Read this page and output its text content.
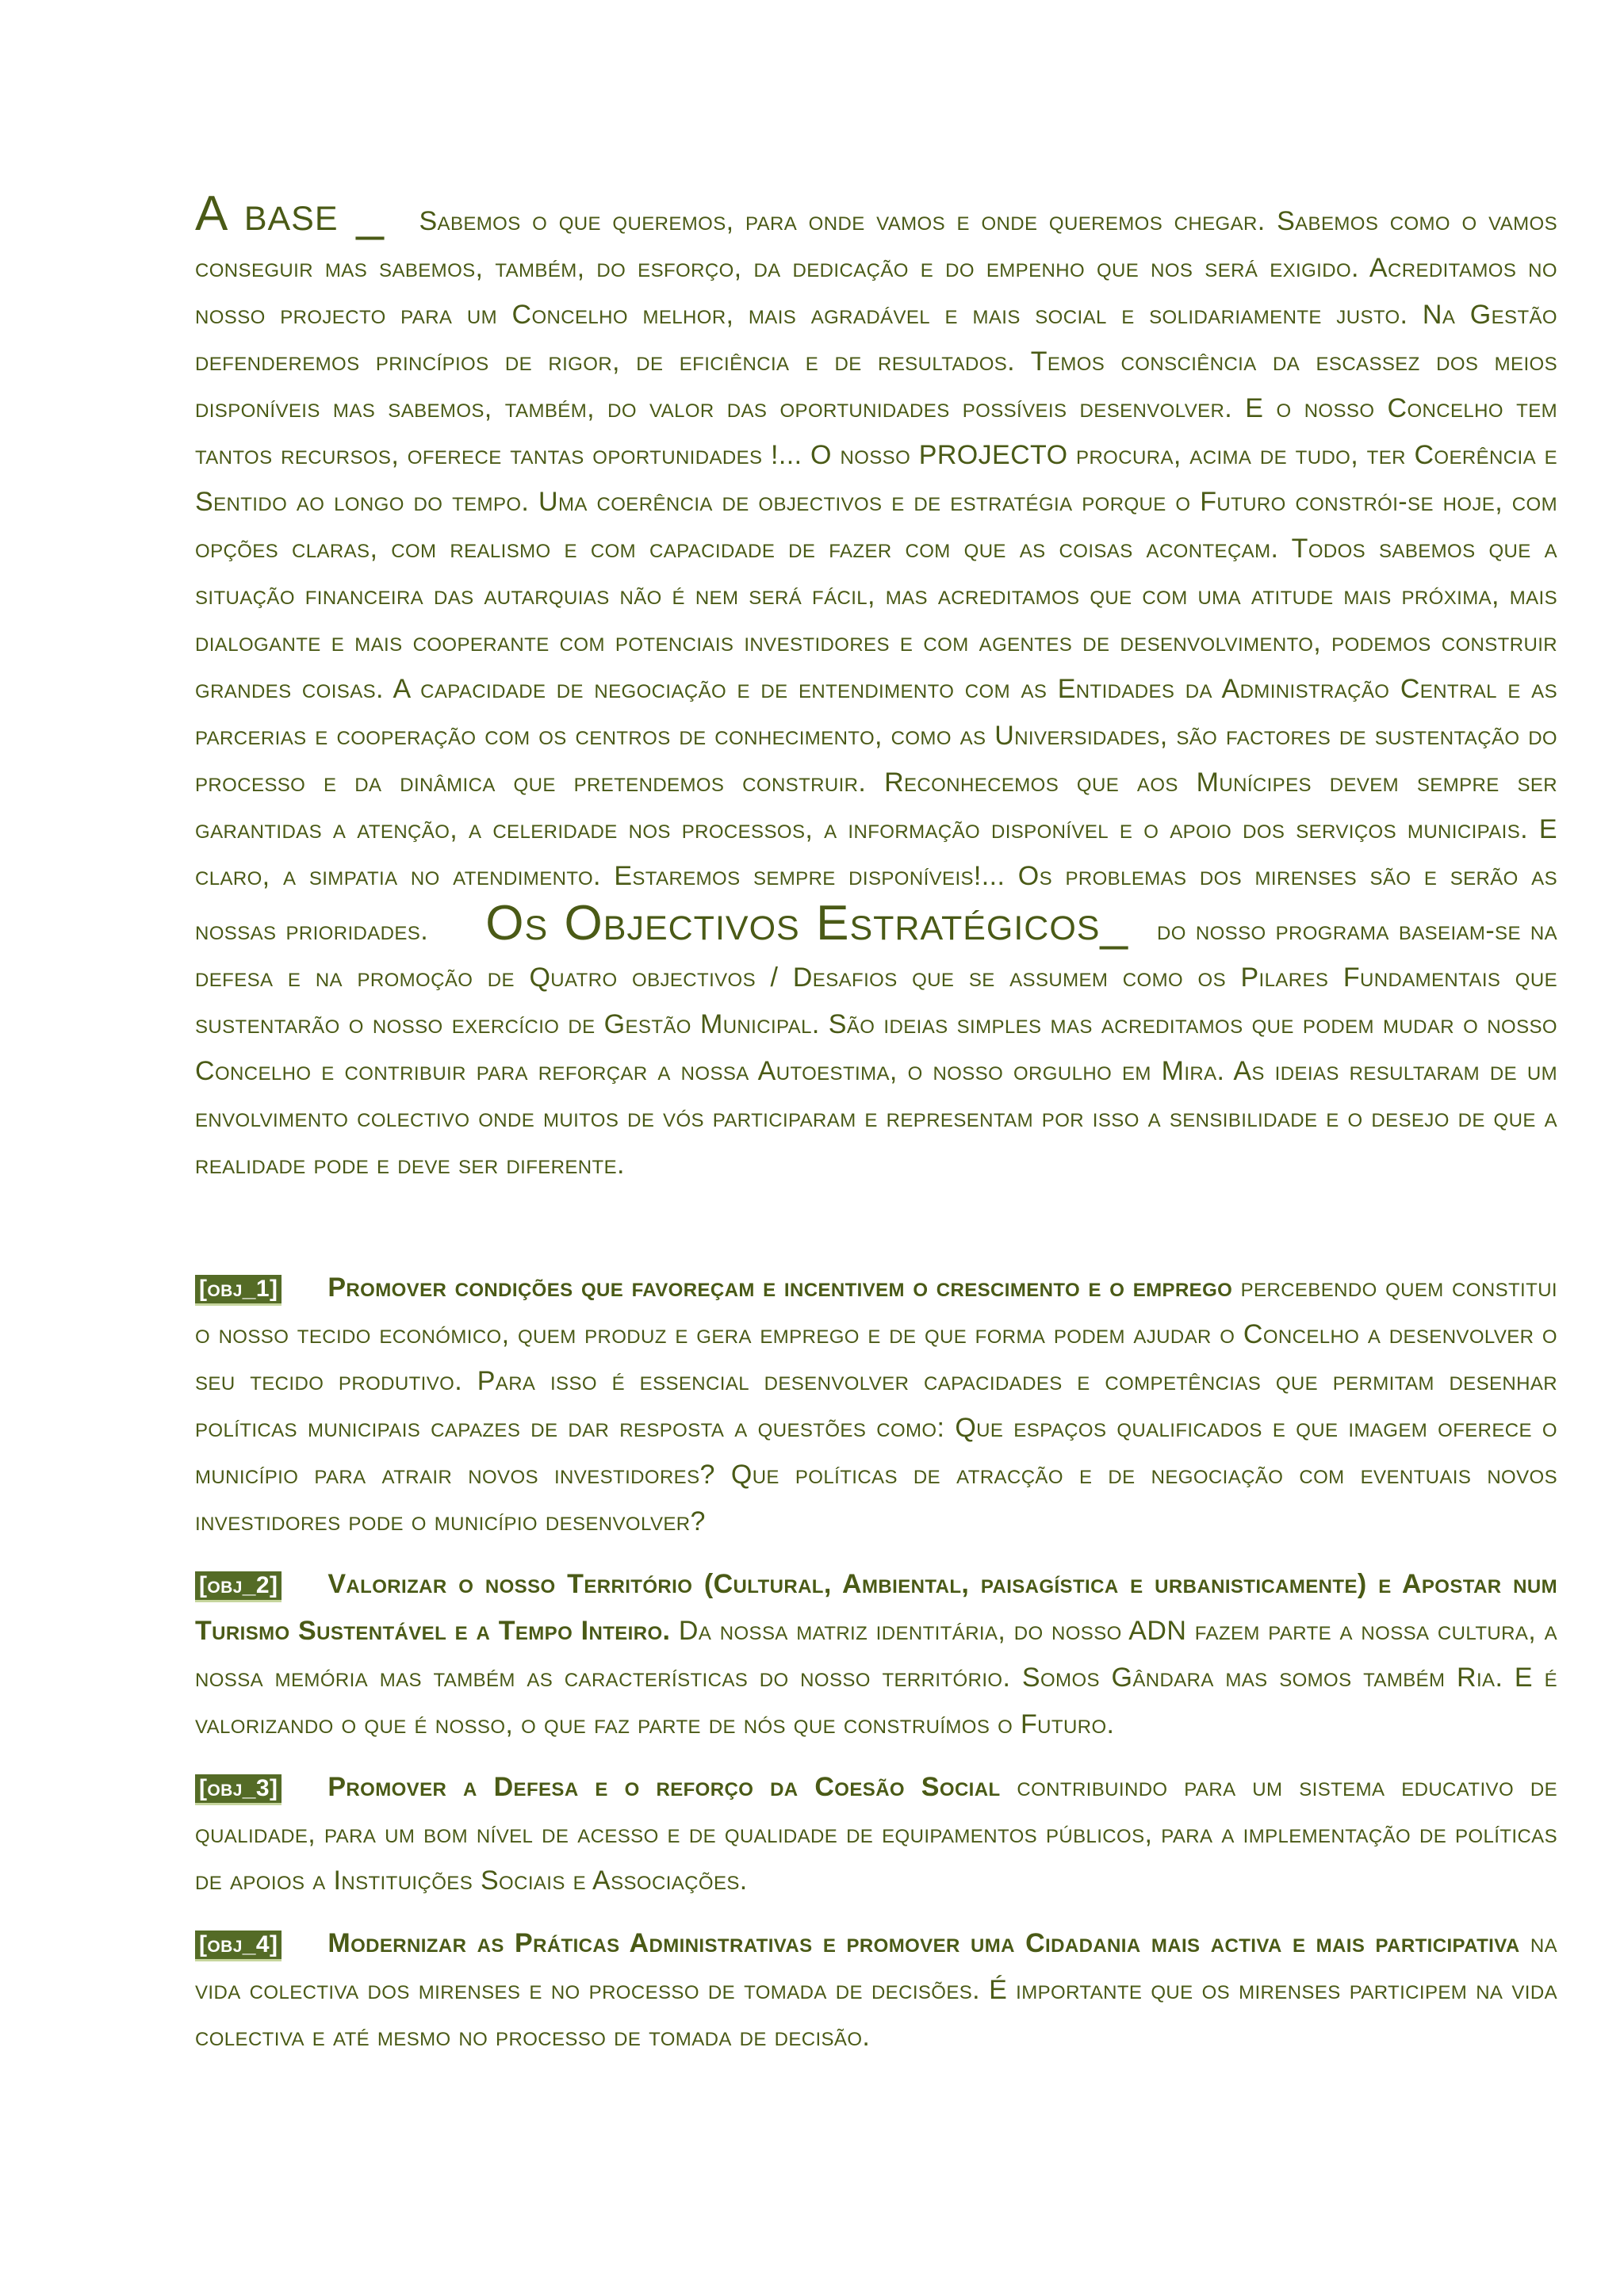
A base _ Sabemos o que queremos, para onde vamos e onde queremos chegar. Sabemos como o vamos conseguir mas sabemos, também, do esforço, da dedicação e do empenho que nos será exigido. Acreditamos no nosso projecto para um Concelho melhor, mais agradável e mais social e solidariamente justo. Na Gestão defenderemos princípios de rigor, de eficiência e de resultados. Temos consciência da escassez dos meios disponíveis mas sabemos, também, do valor das oportunidades possíveis desenvolver. E o nosso Concelho tem tantos recursos, oferece tantas oportunidades !... O nosso PROJECTO procura, acima de tudo, ter Coerência e Sentido ao longo do tempo. Uma coerência de objectivos e de estratégia porque o Futuro constrói-se hoje, com opções claras, com realismo e com capacidade de fazer com que as coisas aconteçam. Todos sabemos que a situação financeira das autarquias não é nem será fácil, mas acreditamos que com uma atitude mais próxima, mais dialogante e mais cooperante com potenciais investidores e com agentes de desenvolvimento, podemos construir grandes coisas. A capacidade de negociação e de entendimento com as Entidades da Administração Central e as parcerias e cooperação com os centros de conhecimento, como as Universidades, são factores de sustentação do processo e da dinâmica que pretendemos construir. Reconhecemos que aos Munícipes devem sempre ser garantidas a atenção, a celeridade nos processos, a informação disponível e o apoio dos serviços municipais. E claro, a simpatia no atendimento. Estaremos sempre disponíveis!... Os problemas dos mirenses são e serão as nossas prioridades. Os Objectivos Estratégicos_ do nosso programa baseiam-se na defesa e na promoção de Quatro objectivos / Desafios que se assumem como os Pilares Fundamentais que sustentarão o nosso exercício de Gestão Municipal. São ideias simples mas acreditamos que podem mudar o nosso Concelho e contribuir para reforçar a nossa Autoestima, o nosso orgulho em Mira. As ideias resultaram de um envolvimento colectivo onde muitos de vós participaram e representam por isso a sensibilidade e o desejo de que a realidade pode e deve ser diferente.

[obj_1] Promover condições que favoreçam e incentivem o crescimento e o emprego percebendo quem constitui o nosso tecido económico, quem produz e gera emprego e de que forma podem ajudar o Concelho a desenvolver o seu tecido produtivo. Para isso é essencial desenvolver capacidades e competências que permitam desenhar políticas municipais capazes de dar resposta a questões como: Que espaços qualificados e que imagem oferece o município para atrair novos investidores? Que políticas de atracção e de negociação com eventuais novos investidores pode o município desenvolver?

[obj_2] Valorizar o nosso Território (Cultural, Ambiental, paisagística e urbanisticamente) e Apostar num Turismo Sustentável e a Tempo Inteiro. Da nossa matriz identitária, do nosso ADN fazem parte a nossa cultura, a nossa memória mas também as características do nosso território. Somos Gândara mas somos também Ria. E é valorizando o que é nosso, o que faz parte de nós que construímos o Futuro.

[obj_3] Promover a Defesa e o reforço da Coesão Social contribuindo para um sistema educativo de qualidade, para um bom nível de acesso e de qualidade de equipamentos públicos, para a implementação de políticas de apoios a Instituições Sociais e Associações.

[obj_4] Modernizar as Práticas Administrativas e promover uma Cidadania mais activa e mais participativa na vida colectiva dos mirenses e no processo de tomada de decisões. É importante que os mirenses participem na vida colectiva e até mesmo no processo de tomada de decisão.
